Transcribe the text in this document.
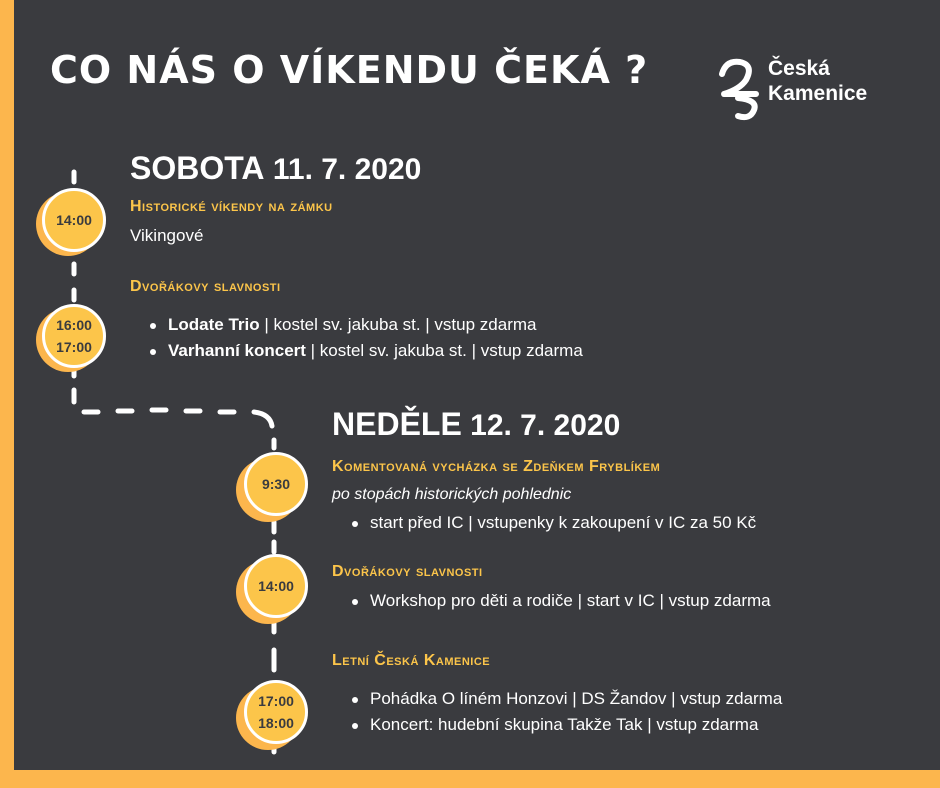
CO NÁS O VÍKENDU ČEKÁ ?	Česká
Kamenice
SOBOTA 11. 7. 2020
14:00
Historické víkendy na zámku
Vikingové
Dvořákovy slavnosti
16:00
17:00
Lodate Trio | kostel sv. jakuba st. | vstup zdarma
Varhanní koncert | kostel sv. jakuba st. | vstup zdarma
NEDĚLE 12. 7. 2020
9:30
Komentovaná vycházka se Zdeňkem Fryblíkem
po stopách historických pohlednic
start před IC | vstupenky k zakoupení v IC za 50 Kč
14:00
Dvořákovy slavnosti
Workshop pro děti a rodiče | start v IC | vstup zdarma
Letní Česká Kamenice
17:00
18:00
Pohádka O líném Honzovi | DS Žandov | vstup zdarma
Koncert: hudební skupina Takže Tak | vstup zdarma
